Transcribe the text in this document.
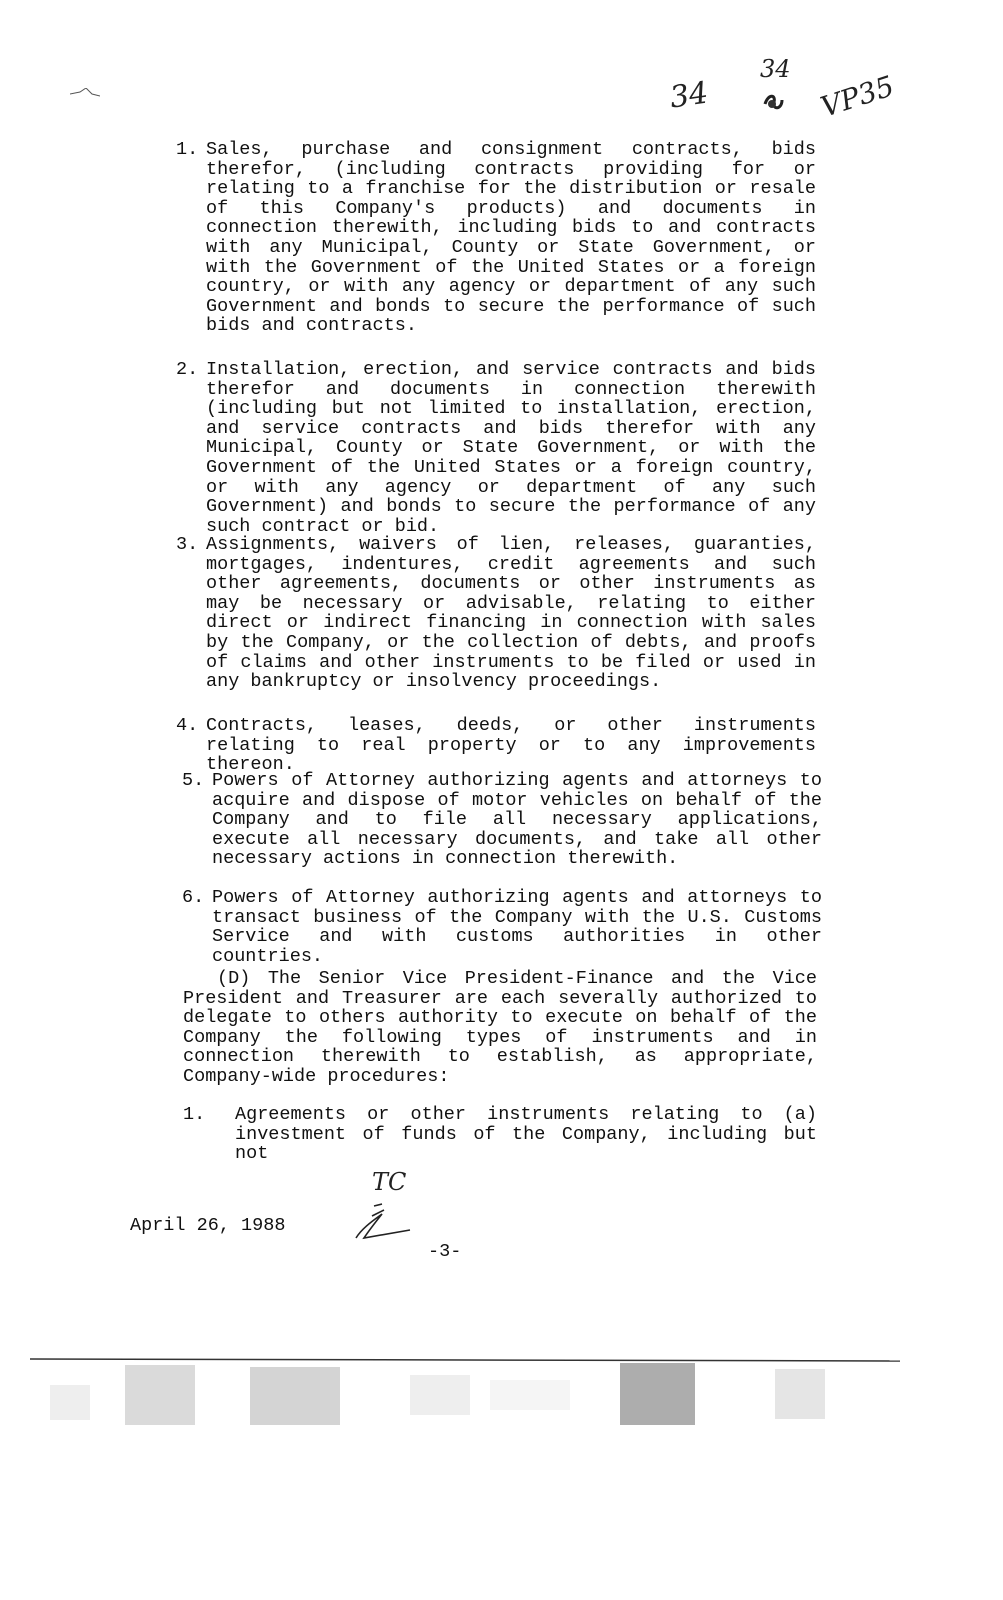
34
34
VP35
1. Sales, purchase and consignment contracts, bids therefor, (including contracts providing for or relating to a franchise for the distribution or resale of this Company's products) and documents in connection therewith, including bids to and contracts with any Municipal, County or State Government, or with the Government of the United States or a foreign country, or with any agency or department of any such Government and bonds to secure the performance of such bids and contracts.
2. Installation, erection, and service contracts and bids therefor and documents in connection therewith (including but not limited to installation, erection, and service contracts and bids therefor with any Municipal, County or State Government, or with the Government of the United States or a foreign country, or with any agency or department of any such Government) and bonds to secure the performance of any such contract or bid.
3. Assignments, waivers of lien, releases, guaranties, mortgages, indentures, credit agreements and such other agreements, documents or other instruments as may be necessary or advisable, relating to either direct or indirect financing in connection with sales by the Company, or the collection of debts, and proofs of claims and other instruments to be filed or used in any bankruptcy or insolvency proceedings.
4. Contracts, leases, deeds, or other instruments relating to real property or to any improvements thereon.
5. Powers of Attorney authorizing agents and attorneys to acquire and dispose of motor vehicles on behalf of the Company and to file all necessary applications, execute all necessary documents, and take all other necessary actions in connection therewith.
6. Powers of Attorney authorizing agents and attorneys to transact business of the Company with the U.S. Customs Service and with customs authorities in other countries.
(D) The Senior Vice President-Finance and the Vice President and Treasurer are each severally authorized to delegate to others authority to execute on behalf of the Company the following types of instruments and in connection therewith to establish, as appropriate, Company-wide procedures:
1.	Agreements or other instruments relating to (a) investment of funds of the Company, including but not
TC
April 26, 1988
-3-
